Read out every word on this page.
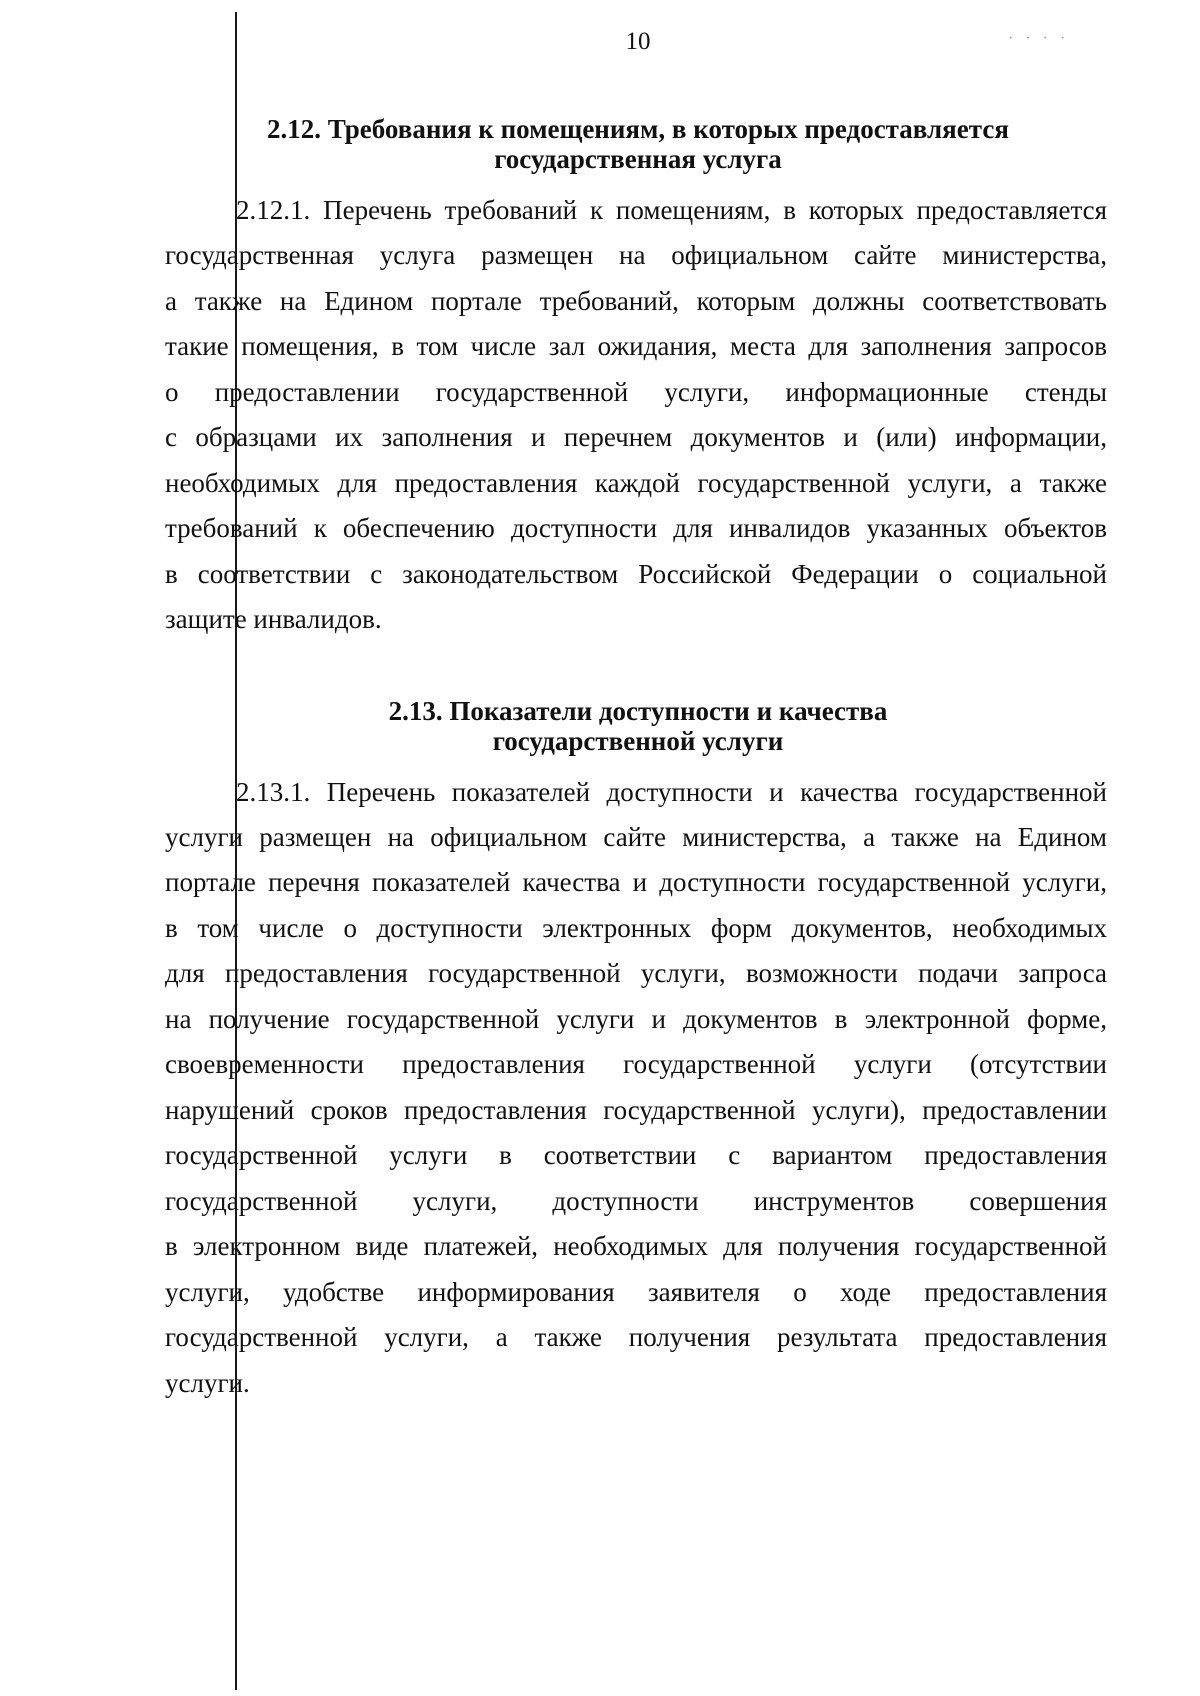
10	· · · ·
2.12. Требования к помещениям, в которых предоставляется
государственная услуга
2.12.1. Перечень требований к помещениям, в которых предоставляется
государственная услуга размещен на официальном сайте министерства,
а также на Едином портале требований, которым должны соответствовать
такие помещения, в том числе зал ожидания, места для заполнения запросов
о предоставлении государственной услуги, информационные стенды
с образцами их заполнения и перечнем документов и (или) информации,
необходимых для предоставления каждой государственной услуги, а также
требований к обеспечению доступности для инвалидов указанных объектов
в соответствии с законодательством Российской Федерации о социальной
защите инвалидов.
2.13. Показатели доступности и качества
государственной услуги
2.13.1. Перечень показателей доступности и качества государственной
услуги размещен на официальном сайте министерства, а также на Едином
портале перечня показателей качества и доступности государственной услуги,
в том числе о доступности электронных форм документов, необходимых
для предоставления государственной услуги, возможности подачи запроса
на получение государственной услуги и документов в электронной форме,
своевременности предоставления государственной услуги (отсутствии
нарушений сроков предоставления государственной услуги), предоставлении
государственной услуги в соответствии с вариантом предоставления
государственной услуги, доступности инструментов совершения
в электронном виде платежей, необходимых для получения государственной
услуги, удобстве информирования заявителя о ходе предоставления
государственной услуги, а также получения результата предоставления
услуги.
